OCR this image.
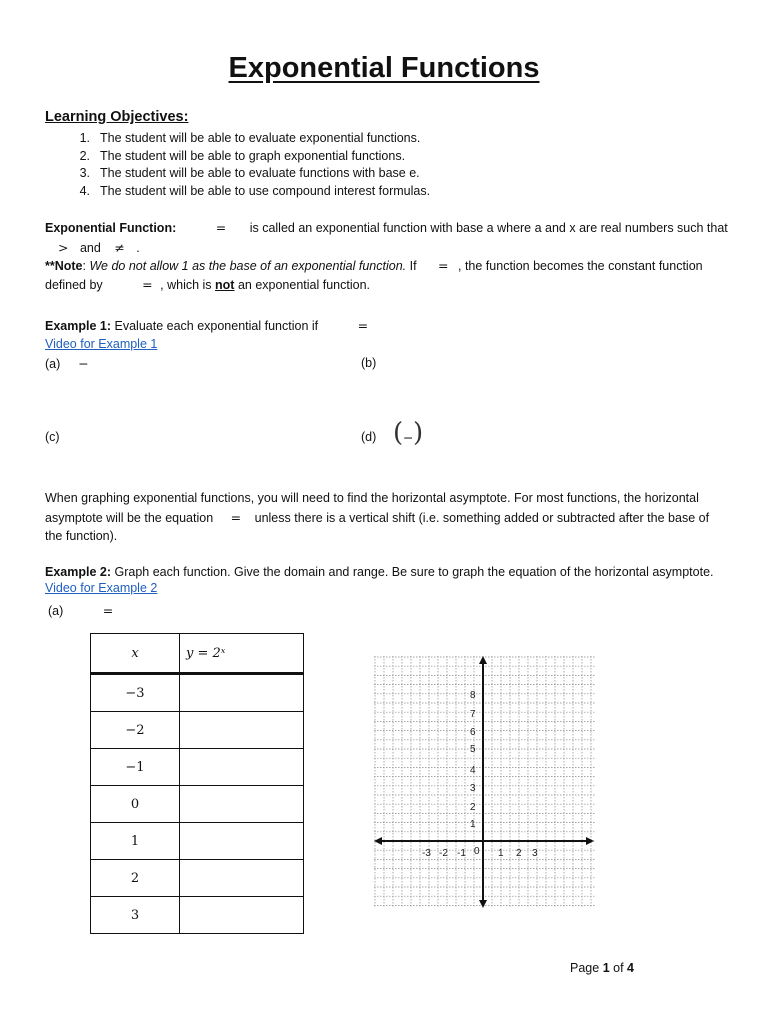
Exponential Functions
Learning Objectives:
1. The student will be able to evaluate exponential functions.
2. The student will be able to graph exponential functions.
3. The student will be able to evaluate functions with base e.
4. The student will be able to use compound interest formulas.
Exponential Function:	= is called an exponential function with base a where a and x are real numbers such that
> and ≠ .
**Note: We do not allow 1 as the base of an exponential function. If = , the function becomes the constant function
defined by	= , which is not an exponential function.
Example 1: Evaluate each exponential function if	=
Video for Example 1
(a) −	(b)
(c)	(d) ( − )
When graphing exponential functions, you will need to find the horizontal asymptote. For most functions, the horizontal
asymptote will be the equation = unless there is a vertical shift (i.e. something added or subtracted after the base of
the function).
Example 2: Graph each function. Give the domain and range. Be sure to graph the equation of the horizontal asymptote.
Video for Example 2
(a)	=
x	y = 2ˣ
−3	
−2	
−1	
0	
1	
2	
3	
8
7
6
5
4
3
2
1
-3 -2 -1 0 1 2 3
Page 1 of 4
